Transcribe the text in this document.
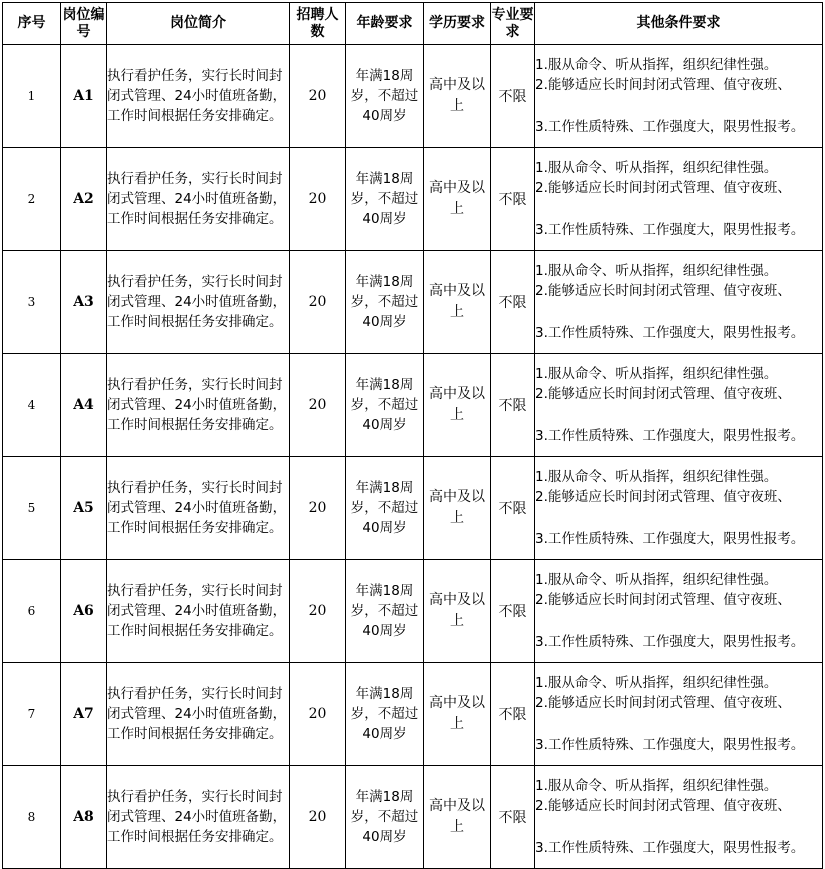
序号	岗位编号	岗位简介	招聘人数	年龄要求	学历要求	专业要求	其他条件要求
1	A1	执行看护任务，实行长时间封闭式管理、24小时值班备勤，工作时间根据任务安排确定。	20	年满18周岁，不超过40周岁	高中及以上	不限	1.服从命令、听从指挥，组织纪律性强。
2.能够适应长时间封闭式管理、值守夜班、
3.工作性质特殊、工作强度大，限男性报考。

2	A2	执行看护任务，实行长时间封闭式管理、24小时值班备勤，工作时间根据任务安排确定。	20	年满18周岁，不超过40周岁	高中及以上	不限	1.服从命令、听从指挥，组织纪律性强。
2.能够适应长时间封闭式管理、值守夜班、
3.工作性质特殊、工作强度大，限男性报考。

3	A3	执行看护任务，实行长时间封闭式管理、24小时值班备勤，工作时间根据任务安排确定。	20	年满18周岁，不超过40周岁	高中及以上	不限	1.服从命令、听从指挥，组织纪律性强。
2.能够适应长时间封闭式管理、值守夜班、
3.工作性质特殊、工作强度大，限男性报考。

4	A4	执行看护任务，实行长时间封闭式管理、24小时值班备勤，工作时间根据任务安排确定。	20	年满18周岁，不超过40周岁	高中及以上	不限	1.服从命令、听从指挥，组织纪律性强。
2.能够适应长时间封闭式管理、值守夜班、
3.工作性质特殊、工作强度大，限男性报考。

5	A5	执行看护任务，实行长时间封闭式管理、24小时值班备勤，工作时间根据任务安排确定。	20	年满18周岁，不超过40周岁	高中及以上	不限	1.服从命令、听从指挥，组织纪律性强。
2.能够适应长时间封闭式管理、值守夜班、
3.工作性质特殊、工作强度大，限男性报考。

6	A6	执行看护任务，实行长时间封闭式管理、24小时值班备勤，工作时间根据任务安排确定。	20	年满18周岁，不超过40周岁	高中及以上	不限	1.服从命令、听从指挥，组织纪律性强。
2.能够适应长时间封闭式管理、值守夜班、
3.工作性质特殊、工作强度大，限男性报考。

7	A7	执行看护任务，实行长时间封闭式管理、24小时值班备勤，工作时间根据任务安排确定。	20	年满18周岁，不超过40周岁	高中及以上	不限	1.服从命令、听从指挥，组织纪律性强。
2.能够适应长时间封闭式管理、值守夜班、
3.工作性质特殊、工作强度大，限男性报考。

8	A8	执行看护任务，实行长时间封闭式管理、24小时值班备勤，工作时间根据任务安排确定。	20	年满18周岁，不超过40周岁	高中及以上	不限	1.服从命令、听从指挥，组织纪律性强。
2.能够适应长时间封闭式管理、值守夜班、
3.工作性质特殊、工作强度大，限男性报考。
